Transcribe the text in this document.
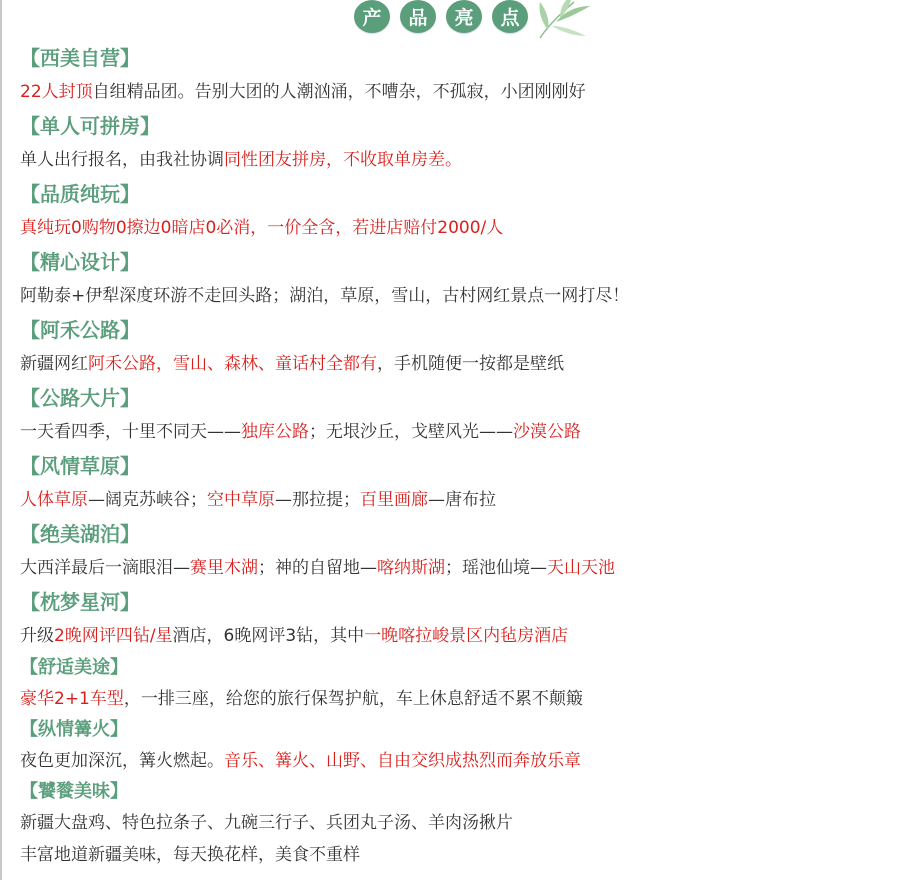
产	品	亮	点
【西美自营】
22人封顶自组精品团。告别大团的人潮汹涌，不嘈杂，不孤寂，小团刚刚好
【单人可拼房】
单人出行报名，由我社协调同性团友拼房，不收取单房差。
【品质纯玩】
真纯玩0购物0擦边0暗店0必消，一价全含，若进店赔付2000/人
【精心设计】
阿勒泰+伊犁深度环游不走回头路；湖泊，草原，雪山，古村网红景点一网打尽！
【阿禾公路】
新疆网红阿禾公路，雪山、森林、童话村全都有，手机随便一按都是壁纸
【公路大片】
一天看四季，十里不同天——独库公路；无垠沙丘，戈壁风光——沙漠公路
【风情草原】
人体草原—阔克苏峡谷；空中草原—那拉提；百里画廊—唐布拉
【绝美湖泊】
大西洋最后一滴眼泪—赛里木湖；神的自留地—喀纳斯湖；瑶池仙境—天山天池
【枕梦星河】
升级2晚网评四钻/星酒店，6晚网评3钻，其中一晚喀拉峻景区内毡房酒店
【舒适美途】
豪华2+1车型，一排三座，给您的旅行保驾护航，车上休息舒适不累不颠簸
【纵情篝火】
夜色更加深沉，篝火燃起。音乐、篝火、山野、自由交织成热烈而奔放乐章
【饕餮美味】
新疆大盘鸡、特色拉条子、九碗三行子、兵团丸子汤、羊肉汤揪片
丰富地道新疆美味，每天换花样，美食不重样
